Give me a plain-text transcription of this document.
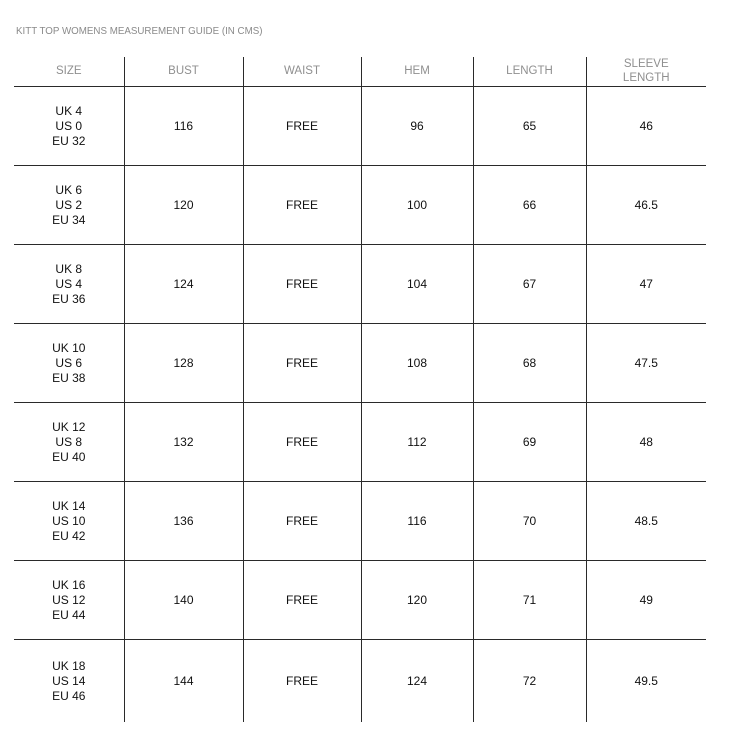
KITT TOP WOMENS MEASUREMENT GUIDE (IN CMS)
SIZE	BUST	WAIST	HEM	LENGTH	SLEEVE
LENGTH

UK 4
US 0
EU 32	116	FREE	96	65	46

UK 6
US 2
EU 34	120	FREE	100	66	46.5

UK 8
US 4
EU 36	124	FREE	104	67	47

UK 10
US 6
EU 38	128	FREE	108	68	47.5

UK 12
US 8
EU 40	132	FREE	112	69	48

UK 14
US 10
EU 42	136	FREE	116	70	48.5

UK 16
US 12
EU 44	140	FREE	120	71	49

UK 18
US 14
EU 46	144	FREE	124	72	49.5
